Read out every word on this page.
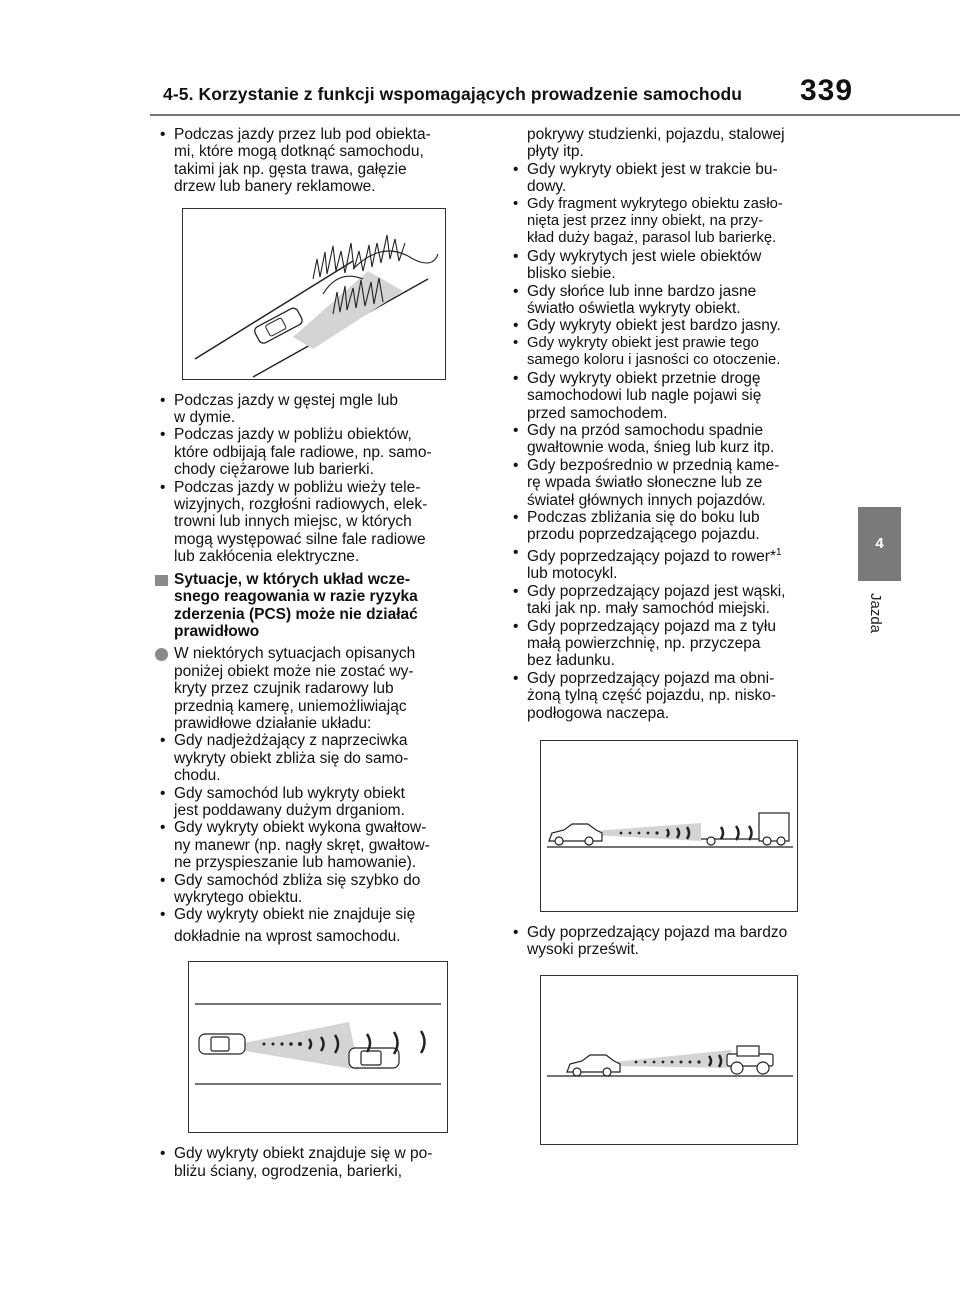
4-5. Korzystanie z funkcji wspomagających prowadzenie samochodu 339
4
Jazda
• Podczas jazdy przez lub pod obiekta-
mi, które mogą dotknąć samochodu,
takimi jak np. gęsta trawa, gałęzie
drzew lub banery reklamowe.
• Podczas jazdy w gęstej mgle lub
w dymie.
• Podczas jazdy w pobliżu obiektów,
które odbijają fale radiowe, np. samo-
chody ciężarowe lub barierki.
• Podczas jazdy w pobliżu wieży tele-
wizyjnych, rozgłośni radiowych, elek-
trowni lub innych miejsc, w których
mogą występować silne fale radiowe
lub zakłócenia elektryczne.
Sytuacje, w których układ wcze-
snego reagowania w razie ryzyka
zderzenia (PCS) może nie działać
prawidłowo
W niektórych sytuacjach opisanych
poniżej obiekt może nie zostać wy-
kryty przez czujnik radarowy lub
przednią kamerę, uniemożliwiając
prawidłowe działanie układu:
• Gdy nadjeżdżający z naprzeciwka
wykryty obiekt zbliża się do samo-
chodu.
• Gdy samochód lub wykryty obiekt
jest poddawany dużym drganiom.
• Gdy wykryty obiekt wykona gwałtow-
ny manewr (np. nagły skręt, gwałtow-
ne przyspieszanie lub hamowanie).
• Gdy samochód zbliża się szybko do
wykrytego obiektu.
• Gdy wykryty obiekt nie znajduje się
dokładnie na wprost samochodu.
• Gdy wykryty obiekt znajduje się w po-
bliżu ściany, ogrodzenia, barierki,
pokrywy studzienki, pojazdu, stalowej
płyty itp.
• Gdy wykryty obiekt jest w trakcie bu-
dowy.
• Gdy fragment wykrytego obiektu zasło-
nięta jest przez inny obiekt, na przy-
kład duży bagaż, parasol lub barierkę.
• Gdy wykrytych jest wiele obiektów
blisko siebie.
• Gdy słońce lub inne bardzo jasne
światło oświetla wykryty obiekt.
• Gdy wykryty obiekt jest bardzo jasny.
• Gdy wykryty obiekt jest prawie tego
samego koloru i jasności co otoczenie.
• Gdy wykryty obiekt przetnie drogę
samochodowi lub nagle pojawi się
przed samochodem.
• Gdy na przód samochodu spadnie
gwałtownie woda, śnieg lub kurz itp.
• Gdy bezpośrednio w przednią kame-
rę wpada światło słoneczne lub ze
świateł głównych innych pojazdów.
• Podczas zbliżania się do boku lub
przodu poprzedzającego pojazdu.
• Gdy poprzedzający pojazd to rower*$^1$
lub motocykl.
• Gdy poprzedzający pojazd jest wąski,
taki jak np. mały samochód miejski.
• Gdy poprzedzający pojazd ma z tyłu
małą powierzchnię, np. przyczepa
bez ładunku.
• Gdy poprzedzający pojazd ma obni-
żoną tylną część pojazdu, np. nisko-
podłogowa naczepa.
• Gdy poprzedzający pojazd ma bardzo
wysoki prześwit.
